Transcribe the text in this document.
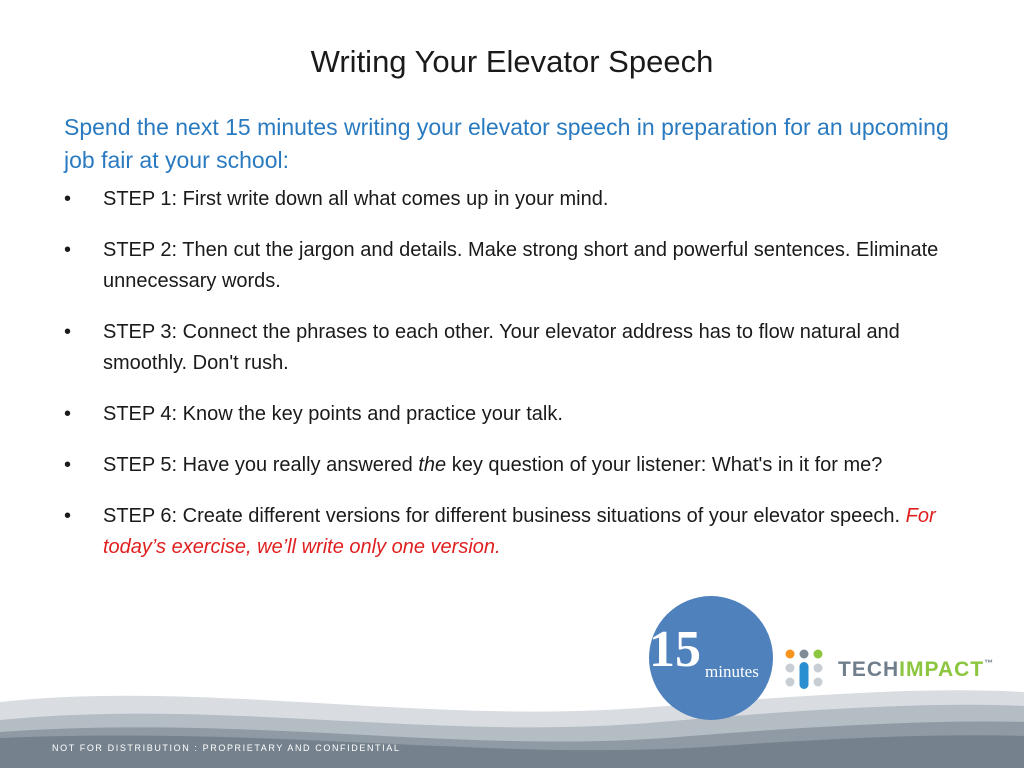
Writing Your Elevator Speech
Spend the next 15 minutes writing your elevator speech in preparation for an upcoming job fair at your school:
• STEP 1: First write down all what comes up in your mind.
• STEP 2: Then cut the jargon and details. Make strong short and powerful sentences. Eliminate unnecessary words.
• STEP 3: Connect the phrases to each other. Your elevator address has to flow natural and smoothly. Don't rush.
• STEP 4: Know the key points and practice your talk.
• STEP 5: Have you really answered the key question of your listener: What's in it for me?
• STEP 6: Create different versions for different business situations of your elevator speech. For today’s exercise, we’ll write only one version.
NOT FOR DISTRIBUTION : PROPRIETARY AND CONFIDENTIAL
15 minutes	TECHIMPACT™
